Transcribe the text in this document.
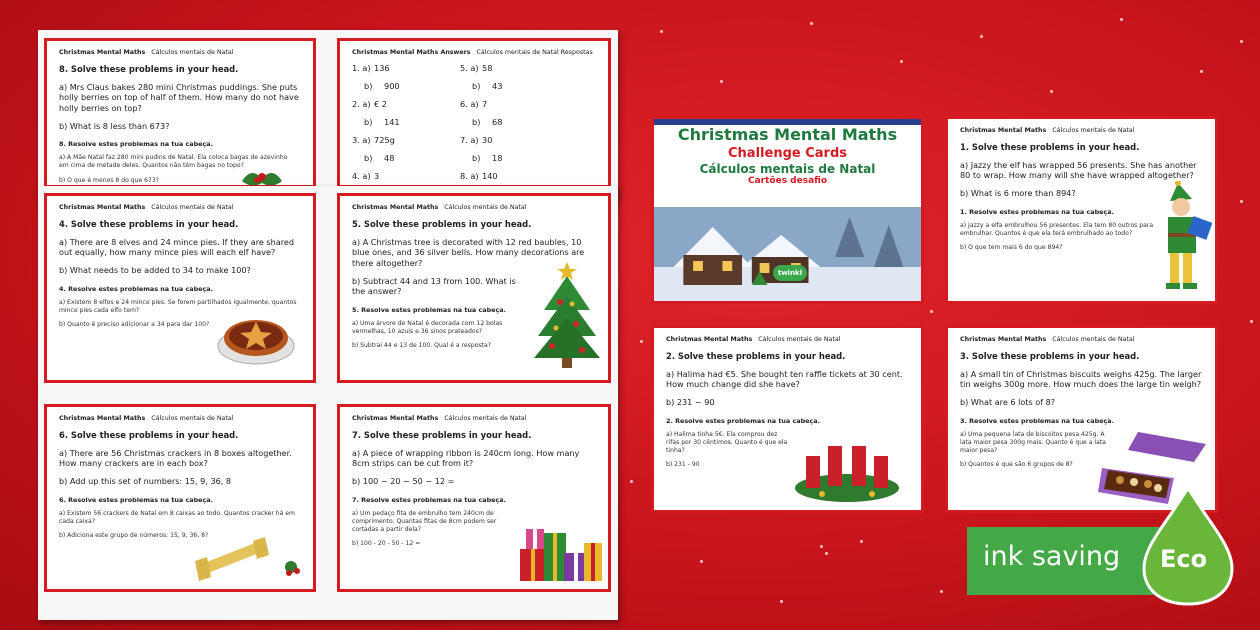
Christmas Mental Maths Cálculos mentais de Natal
8. Solve these problems in your head.
a) Mrs Claus bakes 280 mini Christmas puddings. She puts holly berries on top of half of them. How many do not have holly berries on top?
b) What is 8 less than 673?
8. Resolve estes problemas na tua cabeça.
a) A Mãe Natal faz 280 mini pudins de Natal. Ela coloca bagas de azevinho em cima de metade deles. Quantos não têm bagas no topo?
b) O que é menos 8 do que 673?
Christmas Mental Maths Answers Cálculos mentais de Natal Respostas
1. a) 136	5. a) 58
b) 900	b) 43
2. a) € 2	6. a) 7
b) 141	b) 68
3. a) 725g	7. a) 30
b) 48	b) 18
4. a) 3	8. a) 140
Christmas Mental Maths Cálculos mentais de Natal
4. Solve these problems in your head.
a) There are 8 elves and 24 mince pies. If they are shared out equally, how many mince pies will each elf have?
b) What needs to be added to 34 to make 100?
4. Resolve estes problemas na tua cabeça.
a) Existem 8 elfos e 24 mince pies. Se forem partilhados igualmente, quantos mince pies cada elfo tem?
b) Quanto é preciso adicionar a 34 para dar 100?
Christmas Mental Maths Cálculos mentais de Natal
5. Solve these problems in your head.
a) A Christmas tree is decorated with 12 red baubles, 10 blue ones, and 36 silver bells. How many decorations are there altogether?
b) Subtract 44 and 13 from 100. What is the answer?
5. Resolve estes problemas na tua cabeça.
a) Uma árvore de Natal é decorada com 12 bolas vermelhas, 10 azuis e 36 sinos prateados?
b) Subtrai 44 e 13 de 100. Qual é a resposta?
Christmas Mental Maths Cálculos mentais de Natal
6. Solve these problems in your head.
a) There are 56 Christmas crackers in 8 boxes altogether. How many crackers are in each box?
b) Add up this set of numbers: 15, 9, 36, 8
6. Resolve estes problemas na tua cabeça.
a) Existem 56 crackers de Natal em 8 caixas ao todo. Quantos cracker há em cada caixa?
b) Adiciona este grupo de números: 15, 9, 36, 8?
Christmas Mental Maths Cálculos mentais de Natal
7. Solve these problems in your head.
a) A piece of wrapping ribbon is 240cm long. How many 8cm strips can be cut from it?
b) 100 − 20 − 50 − 12 =
7. Resolve estes problemas na tua cabeça.
a) Um pedaço fita de embrulho tem 240cm de comprimento. Quantas fitas de 8cm podem ser cortadas a partir dela?
b) 100 - 20 - 50 - 12 =
Christmas Mental Maths
Challenge Cards
Cálculos mentais de Natal
Cartões desafio
twinkl
Christmas Mental Maths Cálculos mentais de Natal
1. Solve these problems in your head.
a) Jazzy the elf has wrapped 56 presents. She has another 80 to wrap. How many will she have wrapped altogether?
b) What is 6 more than 894?
1. Resolve estes problemas na tua cabeça.
a) Jazzy a elfa embrulhou 56 presentes. Ela tem 80 outros para embrulhar. Quantos é que ela terá embrulhado ao todo?
b) O que tem mais 6 do que 894?
Christmas Mental Maths Cálculos mentais de Natal
2. Solve these problems in your head.
a) Halima had €5. She bought ten raffle tickets at 30 cent. How much change did she have?
b) 231 − 90
2. Resolve estes problemas na tua cabeça.
a) Halima tinha 5€. Ela comprou dez rifas por 30 cêntimos. Quanto é que ela tinha?
b) 231 - 90
Christmas Mental Maths Cálculos mentais de Natal
3. Solve these problems in your head.
a) A small tin of Christmas biscuits weighs 425g. The larger tin weighs 300g more. How much does the large tin weigh?
b) What are 6 lots of 8?
3. Resolve estes problemas na tua cabeça.
a) Uma pequena lata de biscoitos pesa 425g. A lata maior pesa 300g mais. Quanto é que a lata maior pesa?
b) Quantos é que são 6 grupos de 8?
ink saving	Eco
